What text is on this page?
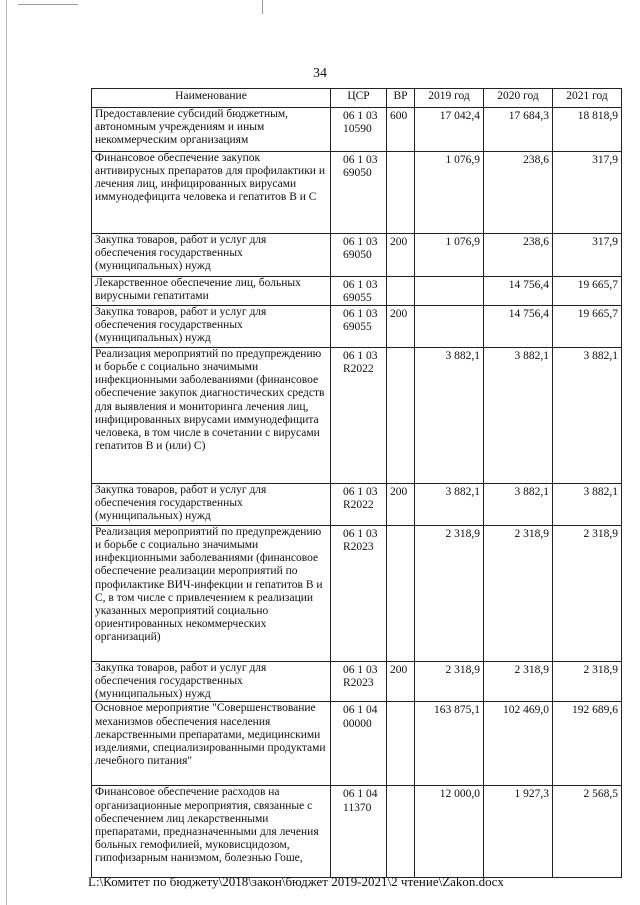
34
Наименование	ЦСР	ВР	2019 год	2020 год	2021 год
Предоставление субсидий бюджетным, автономным учреждениям и иным некоммерческим организациям	06 1 03 10590	600	17 042,4	17 684,3	18 818,9
Финансовое обеспечение закупок антивирусных препаратов для профилактики и лечения лиц, инфицированных вирусами иммунодефицита человека и гепатитов В и С	06 1 03 69050		1 076,9	238,6	317,9
Закупка товаров, работ и услуг для обеспечения государственных (муниципальных) нужд	06 1 03 69050	200	1 076,9	238,6	317,9
Лекарственное обеспечение лиц, больных вирусными гепатитами	06 1 03 69055			14 756,4	19 665,7
Закупка товаров, работ и услуг для обеспечения государственных (муниципальных) нужд	06 1 03 69055	200		14 756,4	19 665,7
Реализация мероприятий по предупреждению и борьбе с социально значимыми инфекционными заболеваниями (финансовое обеспечение закупок диагностических средств для выявления и мониторинга лечения лиц, инфицированных вирусами иммунодефицита человека, в том числе в сочетании с вирусами гепатитов В и (или) С)	06 1 03 R2022		3 882,1	3 882,1	3 882,1
Закупка товаров, работ и услуг для обеспечения государственных (муниципальных) нужд	06 1 03 R2022	200	3 882,1	3 882,1	3 882,1
Реализация мероприятий по предупреждению и борьбе с социально значимыми инфекционными заболеваниями (финансовое обеспечение реализации мероприятий по профилактике ВИЧ-инфекции и гепатитов В и С, в том числе с привлечением к реализации указанных мероприятий социально ориентированных некоммерческих организаций)	06 1 03 R2023		2 318,9	2 318,9	2 318,9
Закупка товаров, работ и услуг для обеспечения государственных (муниципальных) нужд	06 1 03 R2023	200	2 318,9	2 318,9	2 318,9
Основное мероприятие "Совершенствование механизмов обеспечения населения лекарственными препаратами, медицинскими изделиями, специализированными продуктами лечебного питания"	06 1 04 00000		163 875,1	102 469,0	192 689,6
Финансовое обеспечение расходов на организационные мероприятия, связанные с обеспечением лиц лекарственными препаратами, предназначенными для лечения больных гемофилией, муковисцидозом, гипофизарным нанизмом, болезнью Гоше,	06 1 04 11370		12 000,0	1 927,3	2 568,5
L:\Комитет по бюджету\2018\закон\бюджет 2019-2021\2 чтение\Zakon.docx
